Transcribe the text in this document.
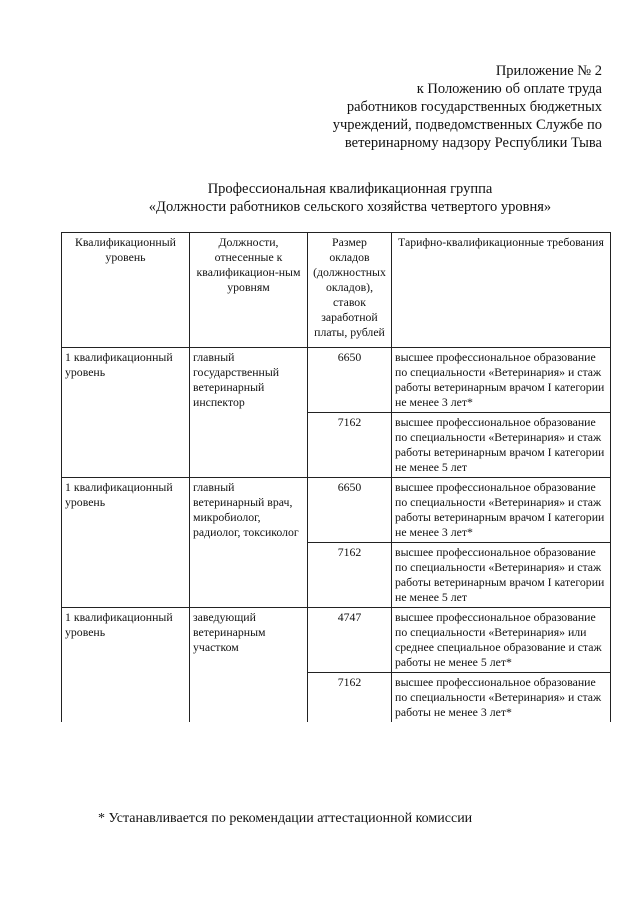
Приложение № 2
к Положению об оплате труда
работников государственных бюджетных
учреждений, подведомственных Службе по
ветеринарному надзору Республики Тыва
Профессиональная квалификационная группа
«Должности работников сельского хозяйства четвертого уровня»
Квалификационный уровень	Должности, отнесенные к квалификацион-ным уровням	Размер окладов (должностных окладов), ставок заработной платы, рублей	Тарифно-квалификационные требования
1 квалификационный уровень	главный государственный ветеринарный инспектор	6650	высшее профессиональное образование по специальности «Ветеринария» и стаж работы ветеринарным врачом I категории не менее 3 лет*
		7162	высшее профессиональное образование по специальности «Ветеринария» и стаж работы ветеринарным врачом I категории не менее 5 лет
1 квалификационный уровень	главный ветеринарный врач, микробиолог, радиолог, токсиколог	6650	высшее профессиональное образование по специальности «Ветеринария» и стаж работы ветеринарным врачом I категории не менее 3 лет*
		7162	высшее профессиональное образование по специальности «Ветеринария» и стаж работы ветеринарным врачом I категории не менее 5 лет
1 квалификационный уровень	заведующий ветеринарным участком	4747	высшее профессиональное образование по специальности «Ветеринария» или среднее специальное образование и стаж работы не менее 5 лет*
		7162	высшее профессиональное образование по специальности «Ветеринария» и стаж работы не менее 3 лет*
* Устанавливается по рекомендации аттестационной комиссии
